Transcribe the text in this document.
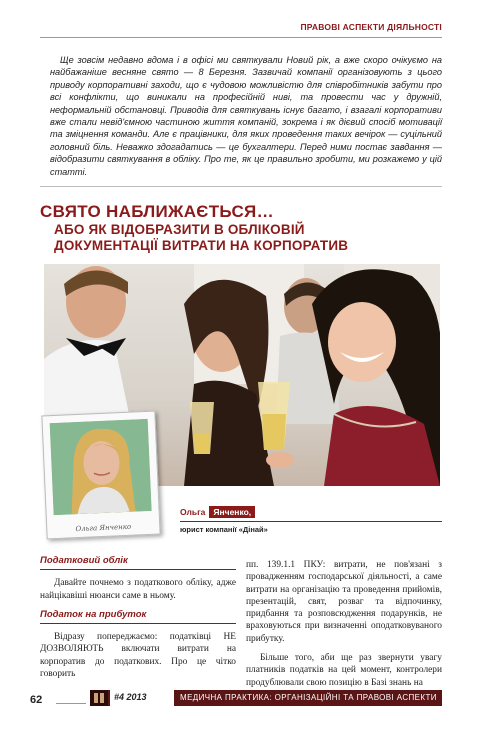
ПРАВОВІ АСПЕКТИ ДІЯЛЬНОСТІ
Ще зовсім недавно вдома і в офісі ми святкували Новий рік, а вже скоро очікуємо на найбажаніше весняне свято — 8 Березня. Зазвичай компанії організовують з цього приводу корпоративні заходи, що є чудовою можливістю для співробітників забути про всі конфлікти, що виникали на професійній ниві, та провести час у дружній, неформальній обстановці. Приводів для святкувань існує багато, і взагалі корпоративи вже стали невід'ємною частиною життя компаній, зокрема і як дієвий спосіб мотивації та зміцнення команди. Але є працівники, для яких проведення таких вечірок — суцільний головний біль. Неважко здогадатись — це бухгалтери. Перед ними постає завдання — відобразити святкування в обліку. Про те, як це правильно зробити, ми розкажемо у цій статті.
СВЯТО НАБЛИЖАЄТЬСЯ…
АБО ЯК ВІДОБРАЗИТИ В ОБЛІКОВІЙ
ДОКУМЕНТАЦІЇ ВИТРАТИ НА КОРПОРАТИВ
Ольга Янченко
Ольга Янченко,
юрист компанії «Дінай»
Податковий облік

Давайте почнемо з податкового обліку, адже найцікавіші нюанси саме в ньому.

Податок на прибуток

Відразу попереджаємо: податківці НЕ ДОЗВОЛЯЮТЬ включати витрати на корпоратив до податкових. Про це чітко говорить

пп. 139.1.1 ПКУ: витрати, не пов'язані з провадженням господарської діяльності, а саме витрати на організацію та проведення прийомів, презентацій, свят, розваг та відпочинку, придбання та розповсюдження подарунків, не враховуються при визначенні оподатковуваного прибутку.

Більше того, аби ще раз звернути увагу платників податків на цей момент, контролери продублювали свою позицію в Базі знань на

62	#4 2013	МЕДИЧНА ПРАКТИКА: ОРГАНІЗАЦІЙНІ ТА ПРАВОВІ АСПЕКТИ
